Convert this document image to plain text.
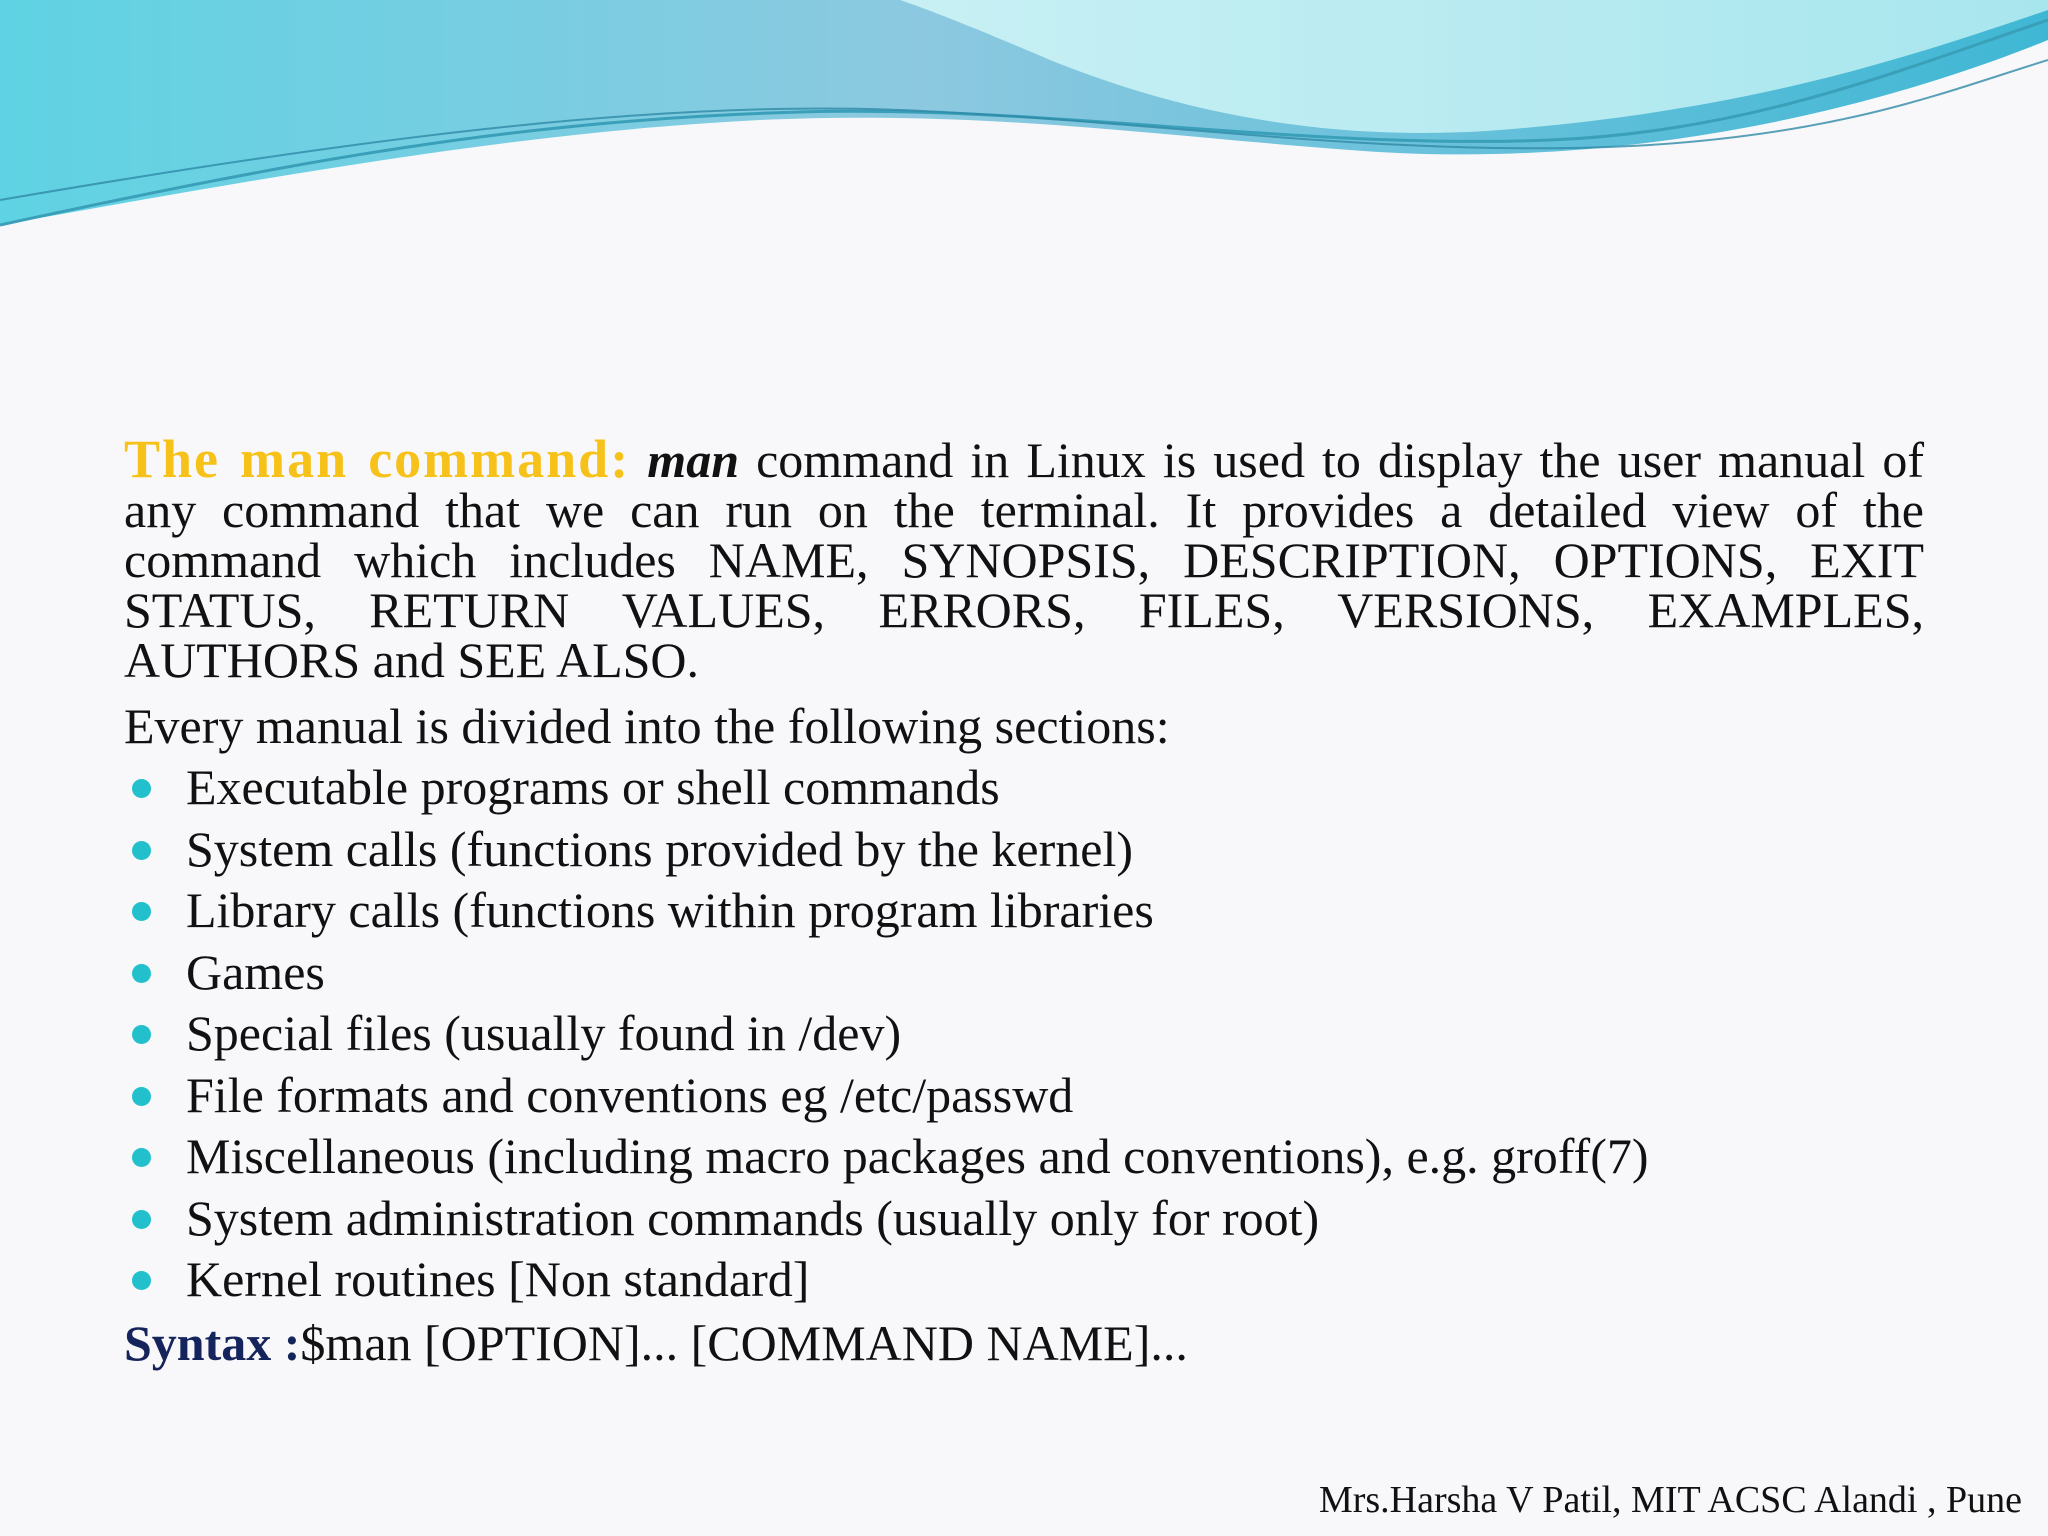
The man command: man command in Linux is used to display the user manual of any command that we can run on the terminal. It provides a detailed view of the command which includes NAME, SYNOPSIS, DESCRIPTION, OPTIONS, EXIT STATUS, RETURN VALUES, ERRORS, FILES, VERSIONS, EXAMPLES, AUTHORS and SEE ALSO.

Every manual is divided into the following sections:

Executable programs or shell commands
System calls (functions provided by the kernel)
Library calls (functions within program libraries
Games
Special files (usually found in /dev)
File formats and conventions eg /etc/passwd
Miscellaneous (including macro packages and conventions), e.g. groff(7)
System administration commands (usually only for root)
Kernel routines [Non standard]

Syntax :$man [OPTION]... [COMMAND NAME]...

Mrs.Harsha V Patil, MIT ACSC Alandi , Pune
